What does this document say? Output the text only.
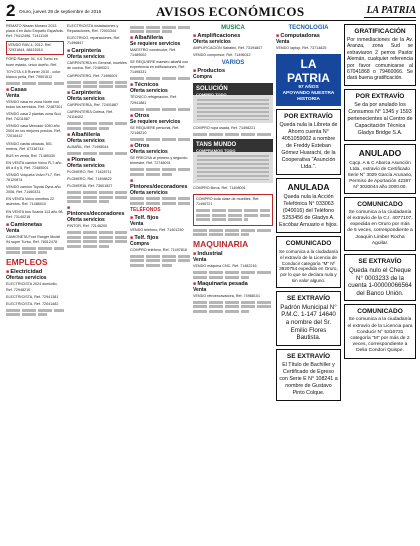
2 Oruro, jueves 29 de septiembre de 2016	AVISOS ECONÓMICOS	LA PATRIA
REMATO Nissan Murano 2013 placa 4 en Auto Empaño Española. Ref. 79412496, 71411149
VENDO RAV-4, 2012. Ref. 72931844, 68415010
FORD Ranger 94, V-6 Turbo en buen estado, único dueño, Ref.
TOYOTA 4.5 Runner 2010 - color blanco perla, Ref. 79501512
■ Casas
Venta
VENDO casa en zona Norte con todos los servicios, Ref. 72487301
VENDO casa 2 plantas zona Sud, Ref. 74211587
VENDO casa Mercado 1050 año 2004 en los mejores precios, Ref. 72016412
VENDO casita ubicada, 501 metros, Ref. 67318744
BUS en venta, Ref. 71489330
EN VENTA camión Volvo FL7 año 89 a 8 y 5, Ref. 72485001
VENDO Volqueta Volvo FL7, Ref. 76120874
VENDO camión Toyota Dyna año 2008, Ref. 71460331
EN VENTA Volvo ómnibus 22 asientos, Ref. 71486010
EN VENTA bus Scania 113 año 98, Ref. 73140218
■ Camionetas
Venta
CAMIONETA Ford Ranger Model 94 super Turbo, Ref. 76012478
EMPLEOS
■ Electricidad
Ofertas servicios
ELECTRICISTA 2024 domicilio, Ref. 72948210
ELECTRICISTA, Ref. 72941381
ELECTRICISTA, Ref. 72041482
ELECTRICISTA instalaciones y Reparaciones, Ref. 72003344
ELECTRICO, reparaciones, Ref. 71496847
■ Carpintería
Oferta servicios
CARPINTERÍA en General, muebles de cocina, Ref. 72489321
CARPINTERO, Ref. 71496001
■ Carpintería
Oferta servicios
CARPINTERÍA, Ref. 72401887
CARPINTERÍA Cofeca, Ref. 74116402
■ Albañilería
Oferta servicios
ALBAÑIL, Ref. 71498044
■ Plomería
Oferta servicios
PLOMERO, Ref. 71428711
PLOMERO, Ref. 71498822
PLOMERÍA, Ref. 73601827
■ Pintores/decoradores
Oferta servicios
PINTOR, Ref. 72148200
■ Albañilería
Se requiere servicios
MAESTRO constructor, Ref. 71489002
SE REQUIERE maestro albañil con experiencia en edificaciones, Ref. 71498331
■ Técnicos
Oferta servicios
TÉCNICO refrigeración, Ref. 72941881
■ Otros
Se requiere servicios
SE REQUIERE personal, Ref. 72148210
■ Otros
Oferta servicios
SE PRECISA al primero y segundo trimestre, Ref. 72748091
■ Pintores/decoradores
Oferta servicios
TELÉFONOS
■ Telf. fijos
Venta
VENDO teléfono, Ref. 71401230
■ Telf. fijos
Compra
COMPRO teléfono, Ref. 71497818
MÚSICA
■ Amplificaciones
Oferta servicios
AMPLIFICACIÓN Sabatini, Ref. 73194847
VENDO compresor, Ref. 71496012
VARIOS
■ Productos
Compra
SOLUCIÓN
COMPRO TODO
COMPRO ropa usada, Ref. 71498221
TANS MUNDO
COMPRAMOS TODO
COMPRO libros, Ref. 71498001
COMPRO toda clase de muebles, Ref. 71496721
MAQUINARIA
■ Industrial
Venta
VENDO máquina CNC, Ref. 71482216
■ Maquinaria pesada
Venta
VENDO retroexcavadora, Ref. 74988101
TECNOLOGÍA
■ Computadoras
Venta
VENDO laptop, Ref. 73714825
LA PATRIA
97 AÑOS
APOYANDO NUESTRA
HISTORIA
POR EXTRAVÍO
Queda nula la Libreta de Ahorro cuenta N° 4051059002 a nombre de Freddy Esteban Gómez Huarachi, de la Cooperativa "Asunción Ltda.".
ANULADA
Queda nula la Acción Telefónica N° 033063 (040016) del Teléfono 5253456 de Gladys A. Escóbar Arnuario e hijos.
COMUNICADO
Se comunica a la ciudadanía el extravío de la Licencia de Conducir categoría "M" Nº 3920754 expedida en Oruro, por lo que se declara nula y sin valor alguno.
SE EXTRAVÍO
Padrón Municipal N° P.M.C. 1-147 14640 a nombre del Sr. Emilio Flores Bautista.
SE EXTRAVÍO
El Título de Bachiller y Certificado de Egreso con Serie E N° 108241 a nombre de Gustavo Pinto Colque.
GRATIFICACIÓN
Por inmediaciones de la Av. Aranza, zona Sud se extraviaron 2 perros Pastor Alemán, cualquier referencia por favor comunicarse al 67041868 o 79460066. Se dará buena gratificación.
POR EXTRAVÍO
Se da por anulado los Consumos N° 1345 y 1593 pertenecientes al Centro de Capacitación Técnica Gladys Bridge S.A.
ANULADO
Cqcp. A & C Abarca Asunción Ltda., extravío de Certificado Serie N° 3029 García Arunario, Permiso de Aportación 42387 Nº 3020044 año 2000.00.
COMUNICADO
Se comunica a la ciudadanía el extravío de la C.I. 4077107, expedida en Oruro por más de 5 veces, correspondiente a Joaquín Limber Rocha Aguilar.
SE EXTRAVÍO
Queda nulo el Cheque N° 0003233 de la cuenta 1-00000066564 del Banco Unión.
COMUNICADO
Se comunica a la ciudadanía el extravío de la Licencia para Conducir N° 5316731 categoría "M" por más de 2 veces, correspondiente a Delia Condori Quispe.
